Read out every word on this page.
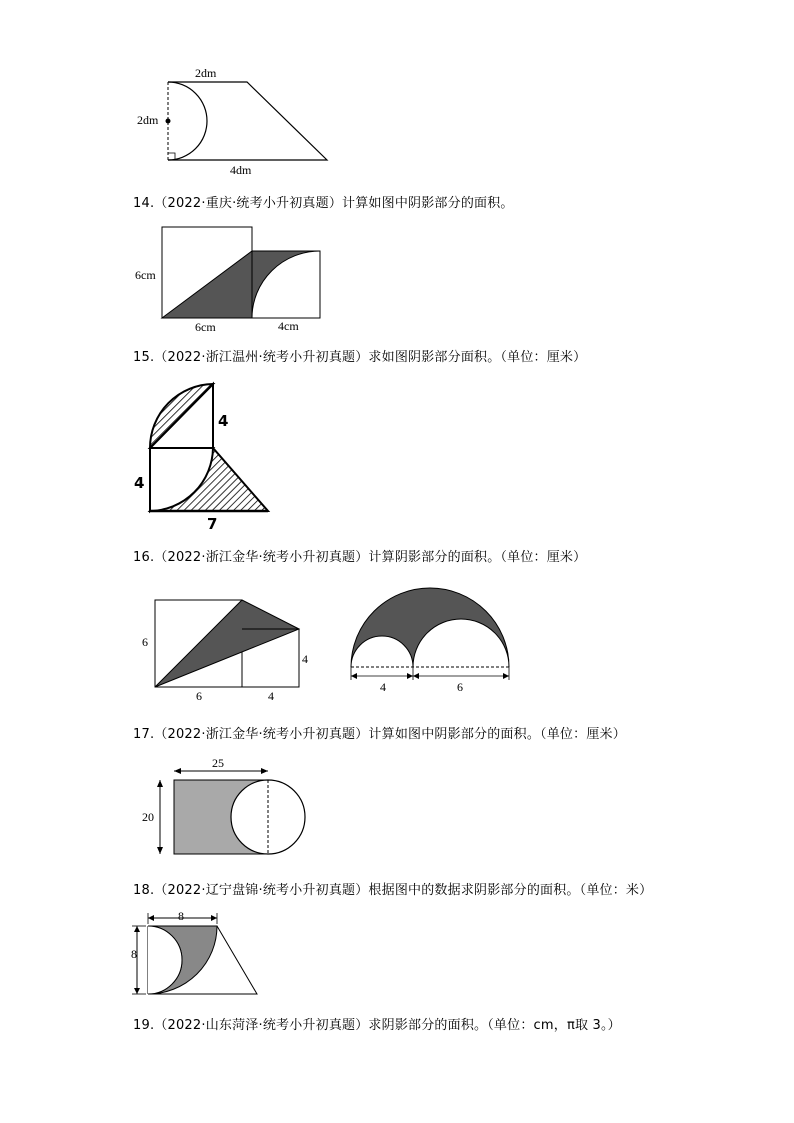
2dm
2dm
4dm
14.（2022·重庆·统考小升初真题）计算如图中阴影部分的面积。
6cm
6cm	4cm
15.（2022·浙江温州·统考小升初真题）求如图阴影部分面积。（单位：厘米）
4
4
7
16.（2022·浙江金华·统考小升初真题）计算阴影部分的面积。（单位：厘米）
6
6	4
4
4	6
17.（2022·浙江金华·统考小升初真题）计算如图中阴影部分的面积。（单位：厘米）
25
20
18.（2022·辽宁盘锦·统考小升初真题）根据图中的数据求阴影部分的面积。（单位：米）
8
8
19.（2022·山东菏泽·统考小升初真题）求阴影部分的面积。（单位：cm，π取 3。）
